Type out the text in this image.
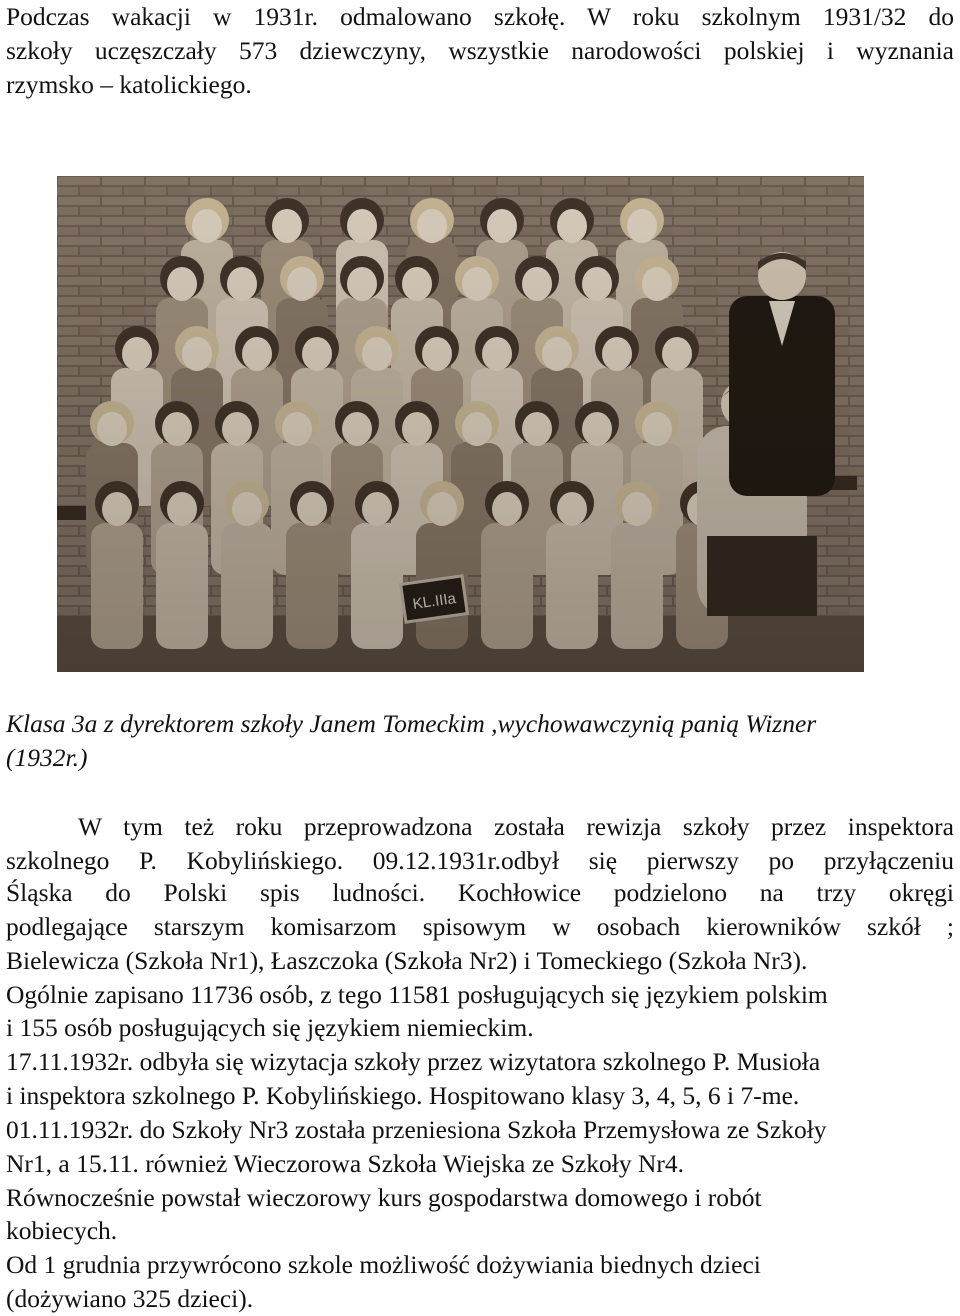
Podczas wakacji w 1931r. odmalowano szkołę. W roku szkolnym 1931/32 do
szkoły uczęszczały 573 dziewczyny, wszystkie narodowości polskiej i wyznania
rzymsko – katolickiego.
Klasa 3a z dyrektorem szkoły Janem Tomeckim ,wychowawczynią panią Wizner
(1932r.)
W tym też roku przeprowadzona została rewizja szkoły przez inspektora
szkolnego P. Kobylińskiego. 09.12.1931r.odbył się pierwszy po przyłączeniu
Śląska do Polski spis ludności. Kochłowice podzielono na trzy okręgi
podlegające starszym komisarzom spisowym w osobach kierowników szkół ;
Bielewicza (Szkoła Nr1), Łaszczoka (Szkoła Nr2) i Tomeckiego (Szkoła Nr3).
Ogólnie zapisano 11736 osób, z tego 11581 posługujących się językiem polskim
i 155 osób posługujących się językiem niemieckim.
17.11.1932r. odbyła się wizytacja szkoły przez wizytatora szkolnego P. Musioła
i inspektora szkolnego P. Kobylińskiego. Hospitowano klasy 3, 4, 5, 6 i 7-me.
01.11.1932r. do Szkoły Nr3 została przeniesiona Szkoła Przemysłowa ze Szkoły
Nr1, a 15.11. również Wieczorowa Szkoła Wiejska ze Szkoły Nr4.
Równocześnie powstał wieczorowy kurs gospodarstwa domowego i robót
kobiecych.
Od 1 grudnia przywrócono szkole możliwość dożywiania biednych dzieci
(dożywiano 325 dzieci).
